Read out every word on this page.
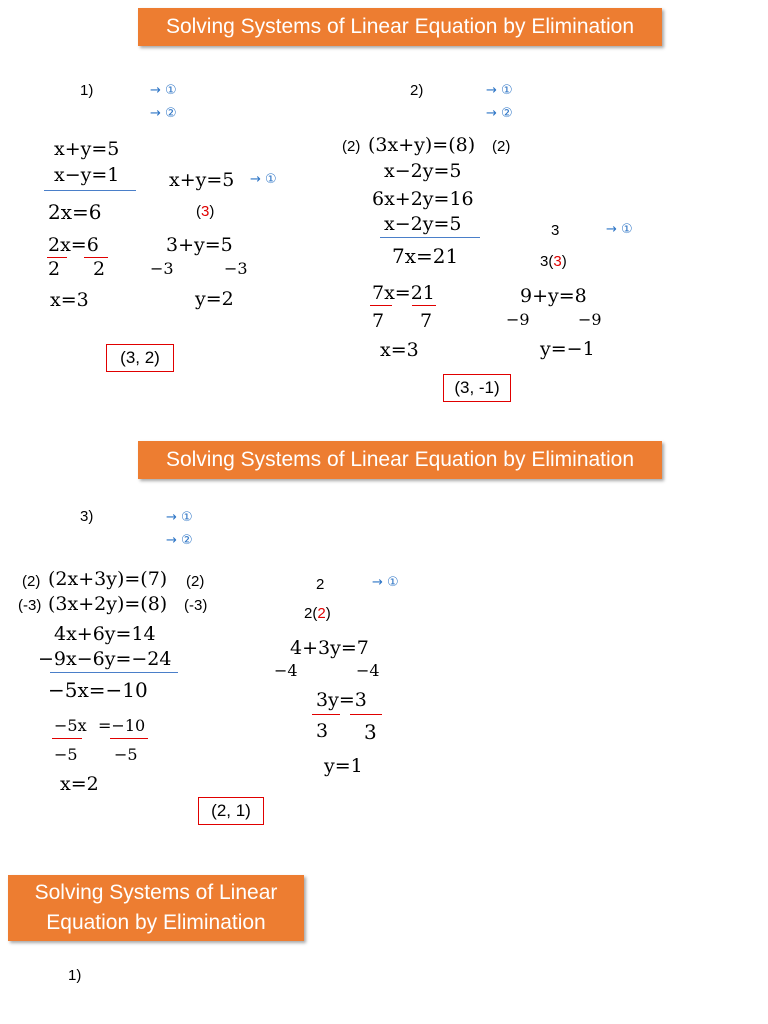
Solving Systems of Linear Equation by Elimination
1)	→ ①
→ ②
x+y=5
x−y=1
2x=6
2x=6
2 2
x=3
x+y=5 → ①
(3)
3+y=5
−3	−3
y=2
(3, 2)
2)	→ ①
→ ②
(2) (3x+y)=(8) (2)
x−2y=5
6x+2y=16
x−2y=5
7x=21
7x=21
7 7
x=3
3	→ ①
3(3)
9+y=8
−9	−9
y=−1
(3, -1)
Solving Systems of Linear Equation by Elimination
3)	→ ①
→ ②
(2) (2x+3y)=(7) (2)
(-3) (3x+2y)=(8) (-3)
4x+6y=14
−9x−6y=−24
−5x=−10
−5x =−10
−5 −5
x=2
2	→ ①
2(2)
4+3y=7
−4	−4
3y=3
3 3
y=1
(2, 1)
Solving Systems of Linear Equation by Elimination
1)
